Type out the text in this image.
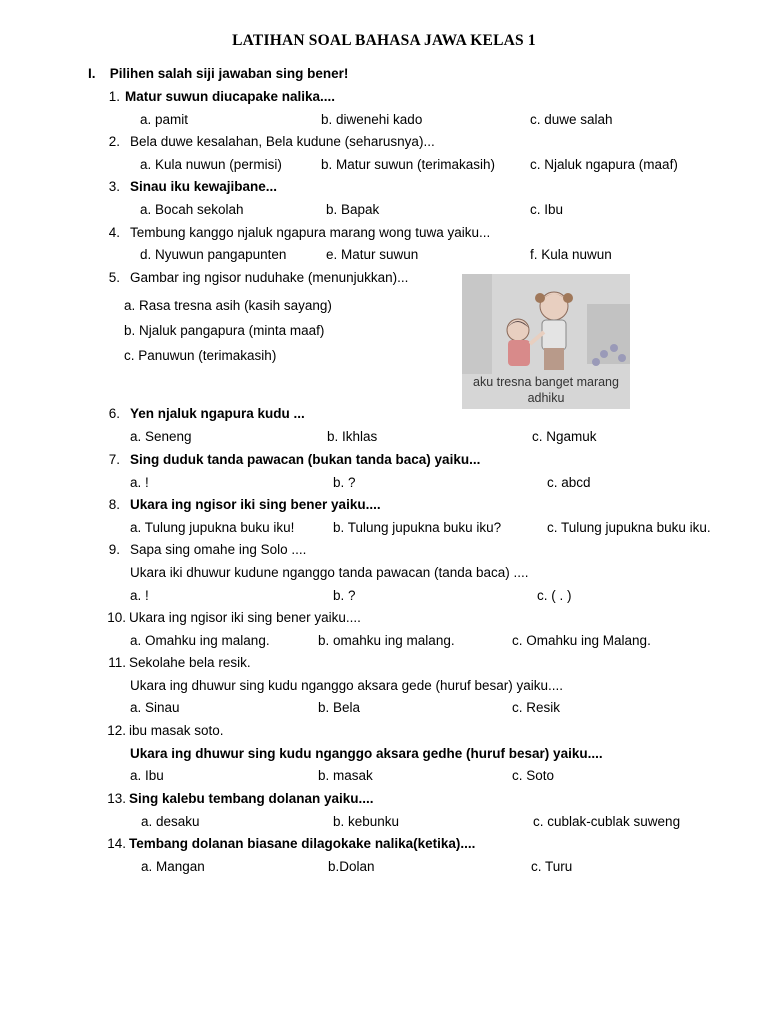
LATIHAN SOAL BAHASA JAWA KELAS 1
I. Pilihen salah siji jawaban sing bener!
1. Matur suwun diucapake nalika....
a. pamit	b. diwenehi kado	c. duwe salah
2. Bela duwe kesalahan, Bela kudune (seharusnya)...
a. Kula nuwun (permisi)	b. Matur suwun (terimakasih)	c. Njaluk ngapura (maaf)
3. Sinau iku kewajibane...
a. Bocah sekolah	b. Bapak	c. Ibu
4. Tembung kanggo njaluk ngapura marang wong tuwa yaiku...
d. Nyuwun pangapunten	e. Matur suwun	f. Kula nuwun
5. Gambar ing ngisor nuduhake (menunjukkan)...
a. Rasa tresna asih (kasih sayang)
b. Njaluk pangapura (minta maaf)
c. Panuwun (terimakasih)
aku tresna banget marang
adhiku
6. Yen njaluk ngapura kudu ...
a. Seneng	b. Ikhlas	c. Ngamuk
7. Sing duduk tanda pawacan (bukan tanda baca) yaiku...
a. !	b. ?	c. abcd
8. Ukara ing ngisor iki sing bener yaiku....
a. Tulung jupukna buku iku!	b. Tulung jupukna buku iku?	c. Tulung jupukna buku iku.
9. Sapa sing omahe ing Solo ....
Ukara iki dhuwur kudune nganggo tanda pawacan (tanda baca) ....
a. !	b. ?	c. ( . )
10. Ukara ing ngisor iki sing bener yaiku....
a. Omahku ing malang.	b. omahku ing malang.	c. Omahku ing Malang.
11. Sekolahe bela resik.
Ukara ing dhuwur sing kudu nganggo aksara gede (huruf besar) yaiku....
a. Sinau	b. Bela	c. Resik
12. ibu masak soto.
Ukara ing dhuwur sing kudu nganggo aksara gedhe (huruf besar) yaiku....
a. Ibu	b. masak	c. Soto
13. Sing kalebu tembang dolanan yaiku....
a. desaku	b. kebunku	c. cublak-cublak suweng
14. Tembang dolanan biasane dilagokake nalika(ketika)....
a. Mangan	b.Dolan	c. Turu
